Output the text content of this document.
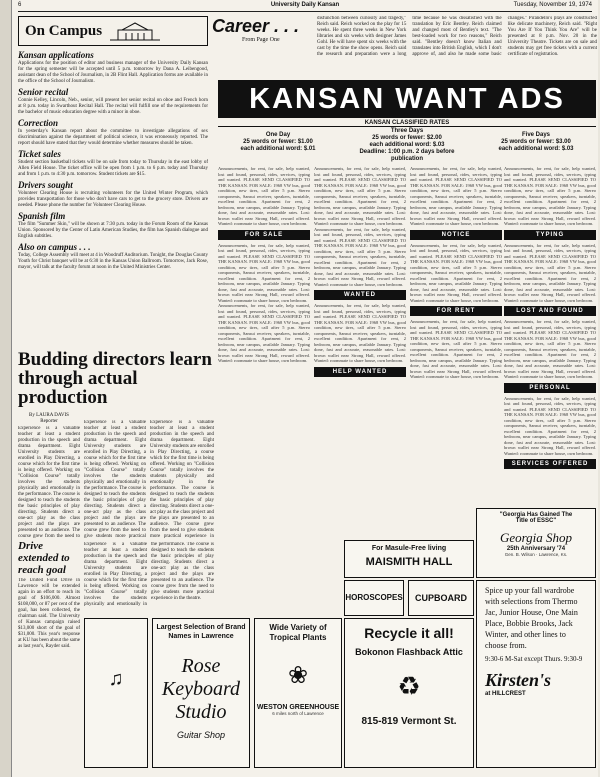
6	University Daily Kansan	Tuesday, November 19, 1974
On Campus
Kansan applications

Applications for the position of editor and business manager of the University Daily Kansan for the spring semester will be accepted until 5 p.m. tomorrow by Dana A. Leibengood, assistant dean of the School of Journalism, in 2B Flint Hall. Application forms are available in the office of the School of Journalism.

Senior recital

Connie Kelley, Lincoln, Neb., senior, will present her senior recital on oboe and French horn at 8 p.m. today in Swarthout Recital Hall. The recital will fulfill one of the requirements for the bachelor of music education degree with a minor in oboe.

Correction

In yesterday's Kansan report about the committee to investigate allegations of sex discrimination against the department of political science, it was erroneously reported. The report should have stated that they would determine whether measures should be taken.

Ticket sales

Student section basketball tickets will be on sale from today to Thursday in the east lobby of Allen Field House. The ticket office will be open from 1 p.m. to 6 p.m. today and Thursday and from 1 p.m. to 4:30 p.m. tomorrow. Student tickets are $15.

Drivers sought

Volunteer Clearing House is recruiting volunteers for the United Winter Program, which provides transportation for those who don't have cars to get to the grocery store. Drivers are needed. Please phone the number for Volunteer Clearing House.

Spanish film

The film "Summer Skin," will be shown at 7:30 p.m. today in the Forum Room of the Kansas Union. Sponsored by the Center of Latin American Studies, the film has Spanish dialogue and English subtitles.

Also on campus . . .

Today, College Assembly will meet at 4 in Woodruff Auditorium. Tonight, the Douglas County Youth for Christ banquet will be at 6:30 in the Kansas Union Ballroom. Tomorrow, Jack Rose, mayor, will talk at the faculty forum at noon in the United Ministries Center.

Career . . .
From Page One
disfunction between curiosity and tragedy," Reich said. Reich worked on the play for 15 weeks. He spent three weeks in New York libraries and six weeks with designer James Gohl. He will have spent six weeks with the cast by the time the show opens. Reich said the research and preparation were a long time because he was dissatisfied with the translation by Eric Bentley. Reich claimed and changed most of Bentley's text. "The best-loaded work for two reasons," Reich said. "Bentley doesn't know Italian and translates into British English, which I don't approve of, and also he made some basic changes." Pirandello's plays are constructed like delicate machinery, Reich said. "Right You Are If You Think You Are" will be presented at 8 p.m. Nov. 20 in the University Theatre. Tickets are on sale and students may get free tickets with a current certificate of registration.
KANSAN WANT ADS
KANSAN CLASSIFIED RATES
One Day
25 words or fewer: $1.00
each additional word: $.01
Three Days
25 words or fewer: $2.00
each additional word: $.03
Deadline: 1:00 p.m. 2 days before publication
Five Days
25 words or fewer: $3.00
each additional word: $.03
Announcements, for rent, for sale, help wanted, lost and found, personal, rides, services, typing and wanted. PLEASE SEND CLASSIFIED TO THE KANSAN. FOR SALE: 1968 VW bus, good condition, new tires, call after 5 p.m. Stereo components, Sansui receiver, speakers, turntable, excellent condition. Apartment for rent, 2 bedroom, near campus, available January. Typing done, fast and accurate, reasonable rates. Lost: brown wallet near Strong Hall, reward offered. Wanted: roommate to share house, own bedroom.
FOR SALE
Announcements, for rent, for sale, help wanted, lost and found, personal, rides, services, typing and wanted. PLEASE SEND CLASSIFIED TO THE KANSAN. FOR SALE: 1968 VW bus, good condition, new tires, call after 5 p.m. Stereo components, Sansui receiver, speakers, turntable, excellent condition. Apartment for rent, 2 bedroom, near campus, available January. Typing done, fast and accurate, reasonable rates. Lost: brown wallet near Strong Hall, reward offered. Wanted: roommate to share house, own bedroom.
Announcements, for rent, for sale, help wanted, lost and found, personal, rides, services, typing and wanted. PLEASE SEND CLASSIFIED TO THE KANSAN. FOR SALE: 1968 VW bus, good condition, new tires, call after 5 p.m. Stereo components, Sansui receiver, speakers, turntable, excellent condition. Apartment for rent, 2 bedroom, near campus, available January. Typing done, fast and accurate, reasonable rates. Lost: brown wallet near Strong Hall, reward offered. Wanted: roommate to share house, own bedroom.
Announcements, for rent, for sale, help wanted, lost and found, personal, rides, services, typing and wanted. PLEASE SEND CLASSIFIED TO THE KANSAN. FOR SALE: 1968 VW bus, good condition, new tires, call after 5 p.m. Stereo components, Sansui receiver, speakers, turntable, excellent condition. Apartment for rent, 2 bedroom, near campus, available January. Typing done, fast and accurate, reasonable rates. Lost: brown wallet near Strong Hall, reward offered. Wanted: roommate to share house, own bedroom.
Announcements, for rent, for sale, help wanted, lost and found, personal, rides, services, typing and wanted. PLEASE SEND CLASSIFIED TO THE KANSAN. FOR SALE: 1968 VW bus, good condition, new tires, call after 5 p.m. Stereo components, Sansui receiver, speakers, turntable, excellent condition. Apartment for rent, 2 bedroom, near campus, available January. Typing done, fast and accurate, reasonable rates. Lost: brown wallet near Strong Hall, reward offered. Wanted: roommate to share house, own bedroom.
WANTED
Announcements, for rent, for sale, help wanted, lost and found, personal, rides, services, typing and wanted. PLEASE SEND CLASSIFIED TO THE KANSAN. FOR SALE: 1968 VW bus, good condition, new tires, call after 5 p.m. Stereo components, Sansui receiver, speakers, turntable, excellent condition. Apartment for rent, 2 bedroom, near campus, available January. Typing done, fast and accurate, reasonable rates. Lost: brown wallet near Strong Hall, reward offered. Wanted: roommate to share house, own bedroom.
HELP WANTED
Announcements, for rent, for sale, help wanted, lost and found, personal, rides, services, typing and wanted. PLEASE SEND CLASSIFIED TO THE KANSAN. FOR SALE: 1968 VW bus, good condition, new tires, call after 5 p.m. Stereo components, Sansui receiver, speakers, turntable, excellent condition. Apartment for rent, 2 bedroom, near campus, available January. Typing done, fast and accurate, reasonable rates. Lost: brown wallet near Strong Hall, reward offered. Wanted: roommate to share house, own bedroom.
NOTICE
Announcements, for rent, for sale, help wanted, lost and found, personal, rides, services, typing and wanted. PLEASE SEND CLASSIFIED TO THE KANSAN. FOR SALE: 1968 VW bus, good condition, new tires, call after 5 p.m. Stereo components, Sansui receiver, speakers, turntable, excellent condition. Apartment for rent, 2 bedroom, near campus, available January. Typing done, fast and accurate, reasonable rates. Lost: brown wallet near Strong Hall, reward offered. Wanted: roommate to share house, own bedroom.
FOR RENT
Announcements, for rent, for sale, help wanted, lost and found, personal, rides, services, typing and wanted. PLEASE SEND CLASSIFIED TO THE KANSAN. FOR SALE: 1968 VW bus, good condition, new tires, call after 5 p.m. Stereo components, Sansui receiver, speakers, turntable, excellent condition. Apartment for rent, 2 bedroom, near campus, available January. Typing done, fast and accurate, reasonable rates. Lost: brown wallet near Strong Hall, reward offered. Wanted: roommate to share house, own bedroom.
Announcements, for rent, for sale, help wanted, lost and found, personal, rides, services, typing and wanted. PLEASE SEND CLASSIFIED TO THE KANSAN. FOR SALE: 1968 VW bus, good condition, new tires, call after 5 p.m. Stereo components, Sansui receiver, speakers, turntable, excellent condition. Apartment for rent, 2 bedroom, near campus, available January. Typing done, fast and accurate, reasonable rates. Lost: brown wallet near Strong Hall, reward offered. Wanted: roommate to share house, own bedroom.
TYPING
Announcements, for rent, for sale, help wanted, lost and found, personal, rides, services, typing and wanted. PLEASE SEND CLASSIFIED TO THE KANSAN. FOR SALE: 1968 VW bus, good condition, new tires, call after 5 p.m. Stereo components, Sansui receiver, speakers, turntable, excellent condition. Apartment for rent, 2 bedroom, near campus, available January. Typing done, fast and accurate, reasonable rates. Lost: brown wallet near Strong Hall, reward offered. Wanted: roommate to share house, own bedroom.
LOST AND FOUND
Announcements, for rent, for sale, help wanted, lost and found, personal, rides, services, typing and wanted. PLEASE SEND CLASSIFIED TO THE KANSAN. FOR SALE: 1968 VW bus, good condition, new tires, call after 5 p.m. Stereo components, Sansui receiver, speakers, turntable, excellent condition. Apartment for rent, 2 bedroom, near campus, available January. Typing done, fast and accurate, reasonable rates. Lost: brown wallet near Strong Hall, reward offered. Wanted: roommate to share house, own bedroom.
PERSONAL
Announcements, for rent, for sale, help wanted, lost and found, personal, rides, services, typing and wanted. PLEASE SEND CLASSIFIED TO THE KANSAN. FOR SALE: 1968 VW bus, good condition, new tires, call after 5 p.m. Stereo components, Sansui receiver, speakers, turntable, excellent condition. Apartment for rent, 2 bedroom, near campus, available January. Typing done, fast and accurate, reasonable rates. Lost: brown wallet near Strong Hall, reward offered. Wanted: roommate to share house, own bedroom.
SERVICES OFFERED
Budding directors learn through actual production
By LAURA DAVIS
Reporter
Experience is a valuable teacher at least a student production in the speech and drama department. Eight University students are enrolled in Play Directing, a course which for the first time is being offered. Working on "Collision Course" totally involves the students physically and emotionally in the performance. The course is designed to teach the students the basic principles of play directing. Students direct a one-act play as the class project and the plays are presented to an audience. The course grew from the need to
Experience is a valuable teacher at least a student production in the speech and drama department. Eight University students are enrolled in Play Directing, a course which for the first time is being offered. Working on "Collision Course" totally involves the students physically and emotionally in the performance. The course is designed to teach the students the basic principles of play directing. Students direct a one-act play as the class project and the plays are presented to an audience. The course grew from the need to give students more practical
Experience is a valuable teacher at least a student production in the speech and drama department. Eight University students are enrolled in Play Directing, a course which for the first time is being offered. Working on "Collision Course" totally involves the students physically and emotionally in the performance. The course is designed to teach the students the basic principles of play directing. Students direct a one-act play as the class project and the plays are presented to an audience. The course grew from the need to give students more practical experience in
Drive extended to reach goal
The United Fund Drive in Lawrence will be extended again in an effort to reach its goal of $106,000. Almost $108,000, or 87 per cent of the goal, has been collected, the chairman said. The University of Kansas campaign raised $13,000 short of the goal of $31,000. This year's response at KU has been about the same as last year's, Rayder said.
Experience is a valuable teacher at least a student production in the speech and drama department. Eight University students are enrolled in Play Directing, a course which for the first time is being offered. Working on "Collision Course" totally involves the students physically and emotionally in the performance. The course is designed to teach the students the basic principles of play directing. Students direct a one-act play as the class project and the plays are presented to an audience. The course grew from the need to give students more practical experience in the theatre.

♫
Largest Selection of Brand Names in Lawrence
Rose Keyboard Studio
Guitar Shop
Wide Variety of Tropical Plants
❀
WESTON GREENHOUSE
6 miles north of Lawrence
Recycle it all!
Bokonon Flashback Attic
♻
815-819 Vermont St.
HOROSCOPES	CUPBOARD
For Masule-Free living
MAISMITH HALL
"Georgia Has Gained The
Title of ESSC"
Georgia Shop
25th Anniversary '74
Gen. B. Wilson · Lawrence, Ks.
Spice up your fall wardrobe with selections from Thermo Jac, Junior House, One Main Place, Bobbie Brooks, Jack Winter, and other lines to choose from.
9:30-6 M-Sat except Thurs. 9:30-9
Kirsten's
at HILLCREST
